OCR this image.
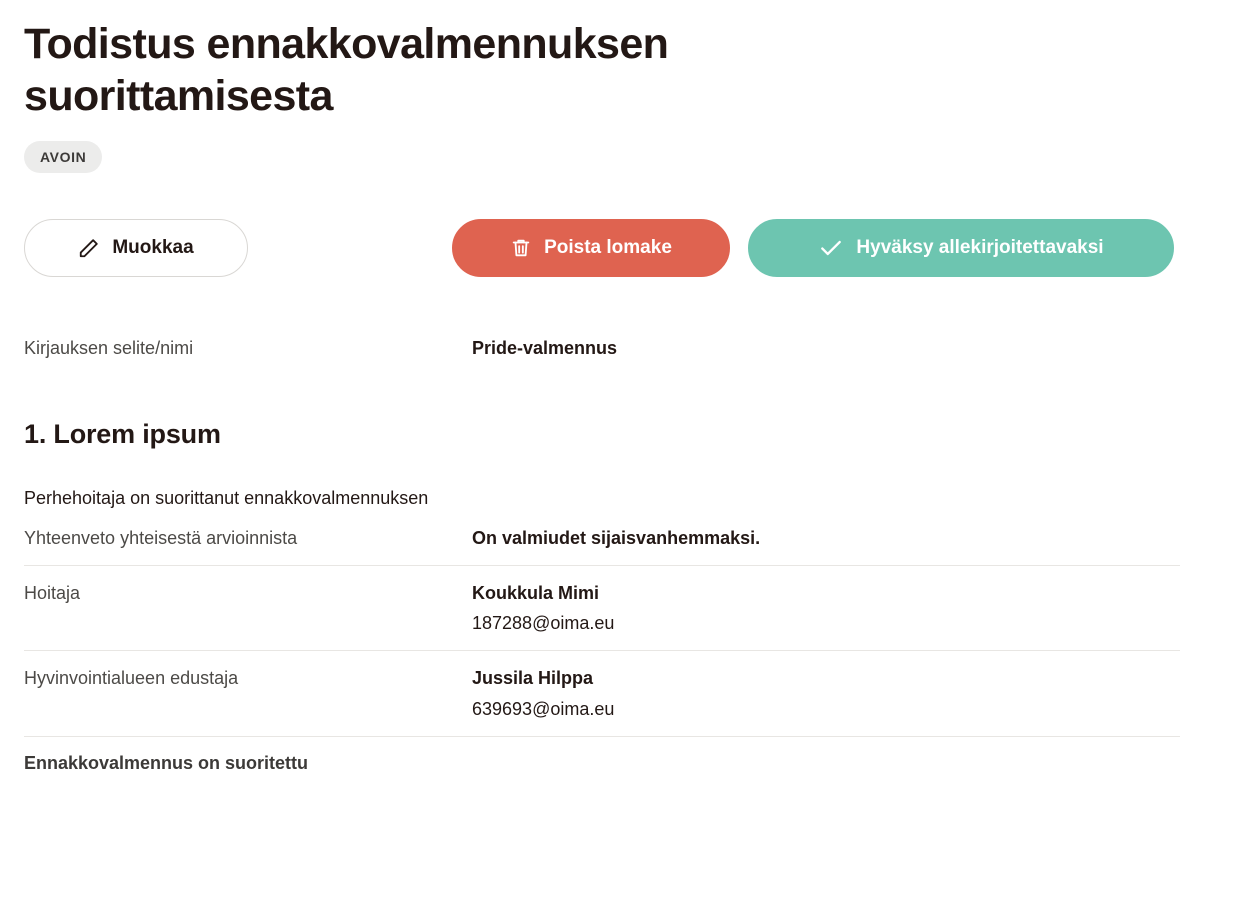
Todistus ennakkovalmennuksen suorittamisesta
AVOIN
Muokkaa	Poista lomake	Hyväksy allekirjoitettavaksi
Kirjauksen selite/nimi	Pride-valmennus
1. Lorem ipsum

Perhehoitaja on suorittanut ennakkovalmennuksen

Yhteenveto yhteisestä arvioinnista	On valmiudet sijaisvanhemmaksi.
Hoitaja	Koukkula Mimi
187288@oima.eu
Hyvinvointialueen edustaja	Jussila Hilppa
639693@oima.eu
Ennakkovalmennus on suoritettu
